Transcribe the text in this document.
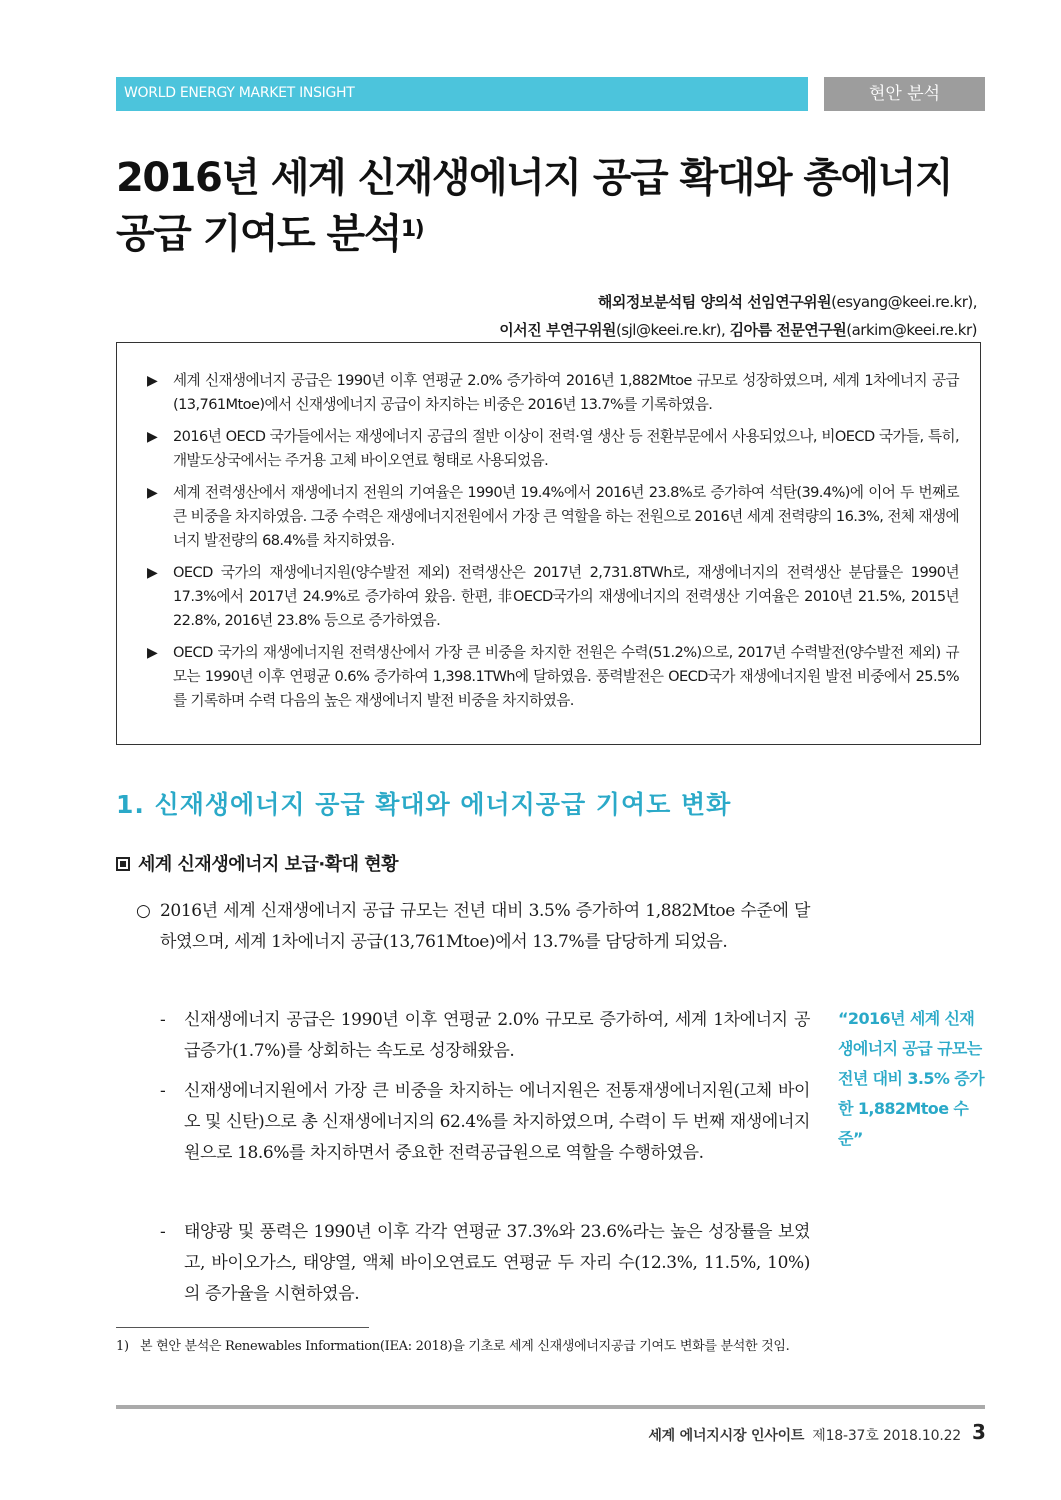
WORLD ENERGY MARKET INSIGHT	현안 분석
2016년 세계 신재생에너지 공급 확대와 총에너지
공급 기여도 분석$^{1)}$
해외정보분석팀 양의석 선임연구위원(esyang@keei.re.kr),
이서진 부연구위원(sjl@keei.re.kr), 김아름 전문연구원(arkim@keei.re.kr)
▶ 세계 신재생에너지 공급은 1990년 이후 연평균 2.0% 증가하여 2016년 1,882Mtoe 규모로 성장하였으며, 세계 1차에너지 공급(13,761Mtoe)에서 신재생에너지 공급이 차지하는 비중은 2016년 13.7%를 기록하였음.
▶ 2016년 OECD 국가들에서는 재생에너지 공급의 절반 이상이 전력·열 생산 등 전환부문에서 사용되었으나, 비OECD 국가들, 특히, 개발도상국에서는 주거용 고체 바이오연료 형태로 사용되었음.
▶ 세계 전력생산에서 재생에너지 전원의 기여율은 1990년 19.4%에서 2016년 23.8%로 증가하여 석탄(39.4%)에 이어 두 번째로 큰 비중을 차지하였음. 그중 수력은 재생에너지전원에서 가장 큰 역할을 하는 전원으로 2016년 세계 전력량의 16.3%, 전체 재생에너지 발전량의 68.4%를 차지하였음.
▶ OECD 국가의 재생에너지원(양수발전 제외) 전력생산은 2017년 2,731.8TWh로, 재생에너지의 전력생산 분담률은 1990년 17.3%에서 2017년 24.9%로 증가하여 왔음. 한편, 非OECD국가의 재생에너지의 전력생산 기여율은 2010년 21.5%, 2015년 22.8%, 2016년 23.8% 등으로 증가하였음.
▶ OECD 국가의 재생에너지원 전력생산에서 가장 큰 비중을 차지한 전원은 수력(51.2%)으로, 2017년 수력발전(양수발전 제외) 규모는 1990년 이후 연평균 0.6% 증가하여 1,398.1TWh에 달하였음. 풍력발전은 OECD국가 재생에너지원 발전 비중에서 25.5%를 기록하며 수력 다음의 높은 재생에너지 발전 비중을 차지하였음.
1. 신재생에너지 공급 확대와 에너지공급 기여도 변화
세계 신재생에너지 보급·확대 현황

○ 2016년 세계 신재생에너지 공급 규모는 전년 대비 3.5% 증가하여 1,882Mtoe 수준에 달하였으며, 세계 1차에너지 공급(13,761Mtoe)에서 13.7%를 담당하게 되었음.

- 신재생에너지 공급은 1990년 이후 연평균 2.0% 규모로 증가하여, 세계 1차에너지 공급증가(1.7%)를 상회하는 속도로 성장해왔음.

- 신재생에너지원에서 가장 큰 비중을 차지하는 에너지원은 전통재생에너지원(고체 바이오 및 신탄)으로 총 신재생에너지의 62.4%를 차지하였으며, 수력이 두 번째 재생에너지원으로 18.6%를 차지하면서 중요한 전력공급원으로 역할을 수행하였음.

- 태양광 및 풍력은 1990년 이후 각각 연평균 37.3%와 23.6%라는 높은 성장률을 보였고, 바이오가스, 태양열, 액체 바이오연료도 연평균 두 자리 수(12.3%, 11.5%, 10%)의 증가율을 시현하였음.

“2016년 세계 신재생에너지 공급 규모는 전년 대비 3.5% 증가한 1,882Mtoe 수준”

1) 본 현안 분석은 Renewables Information(IEA: 2018)을 기초로 세계 신재생에너지공급 기여도 변화를 분석한 것임.

세계 에너지시장 인사이트 제18-37호 2018.10.22 3
